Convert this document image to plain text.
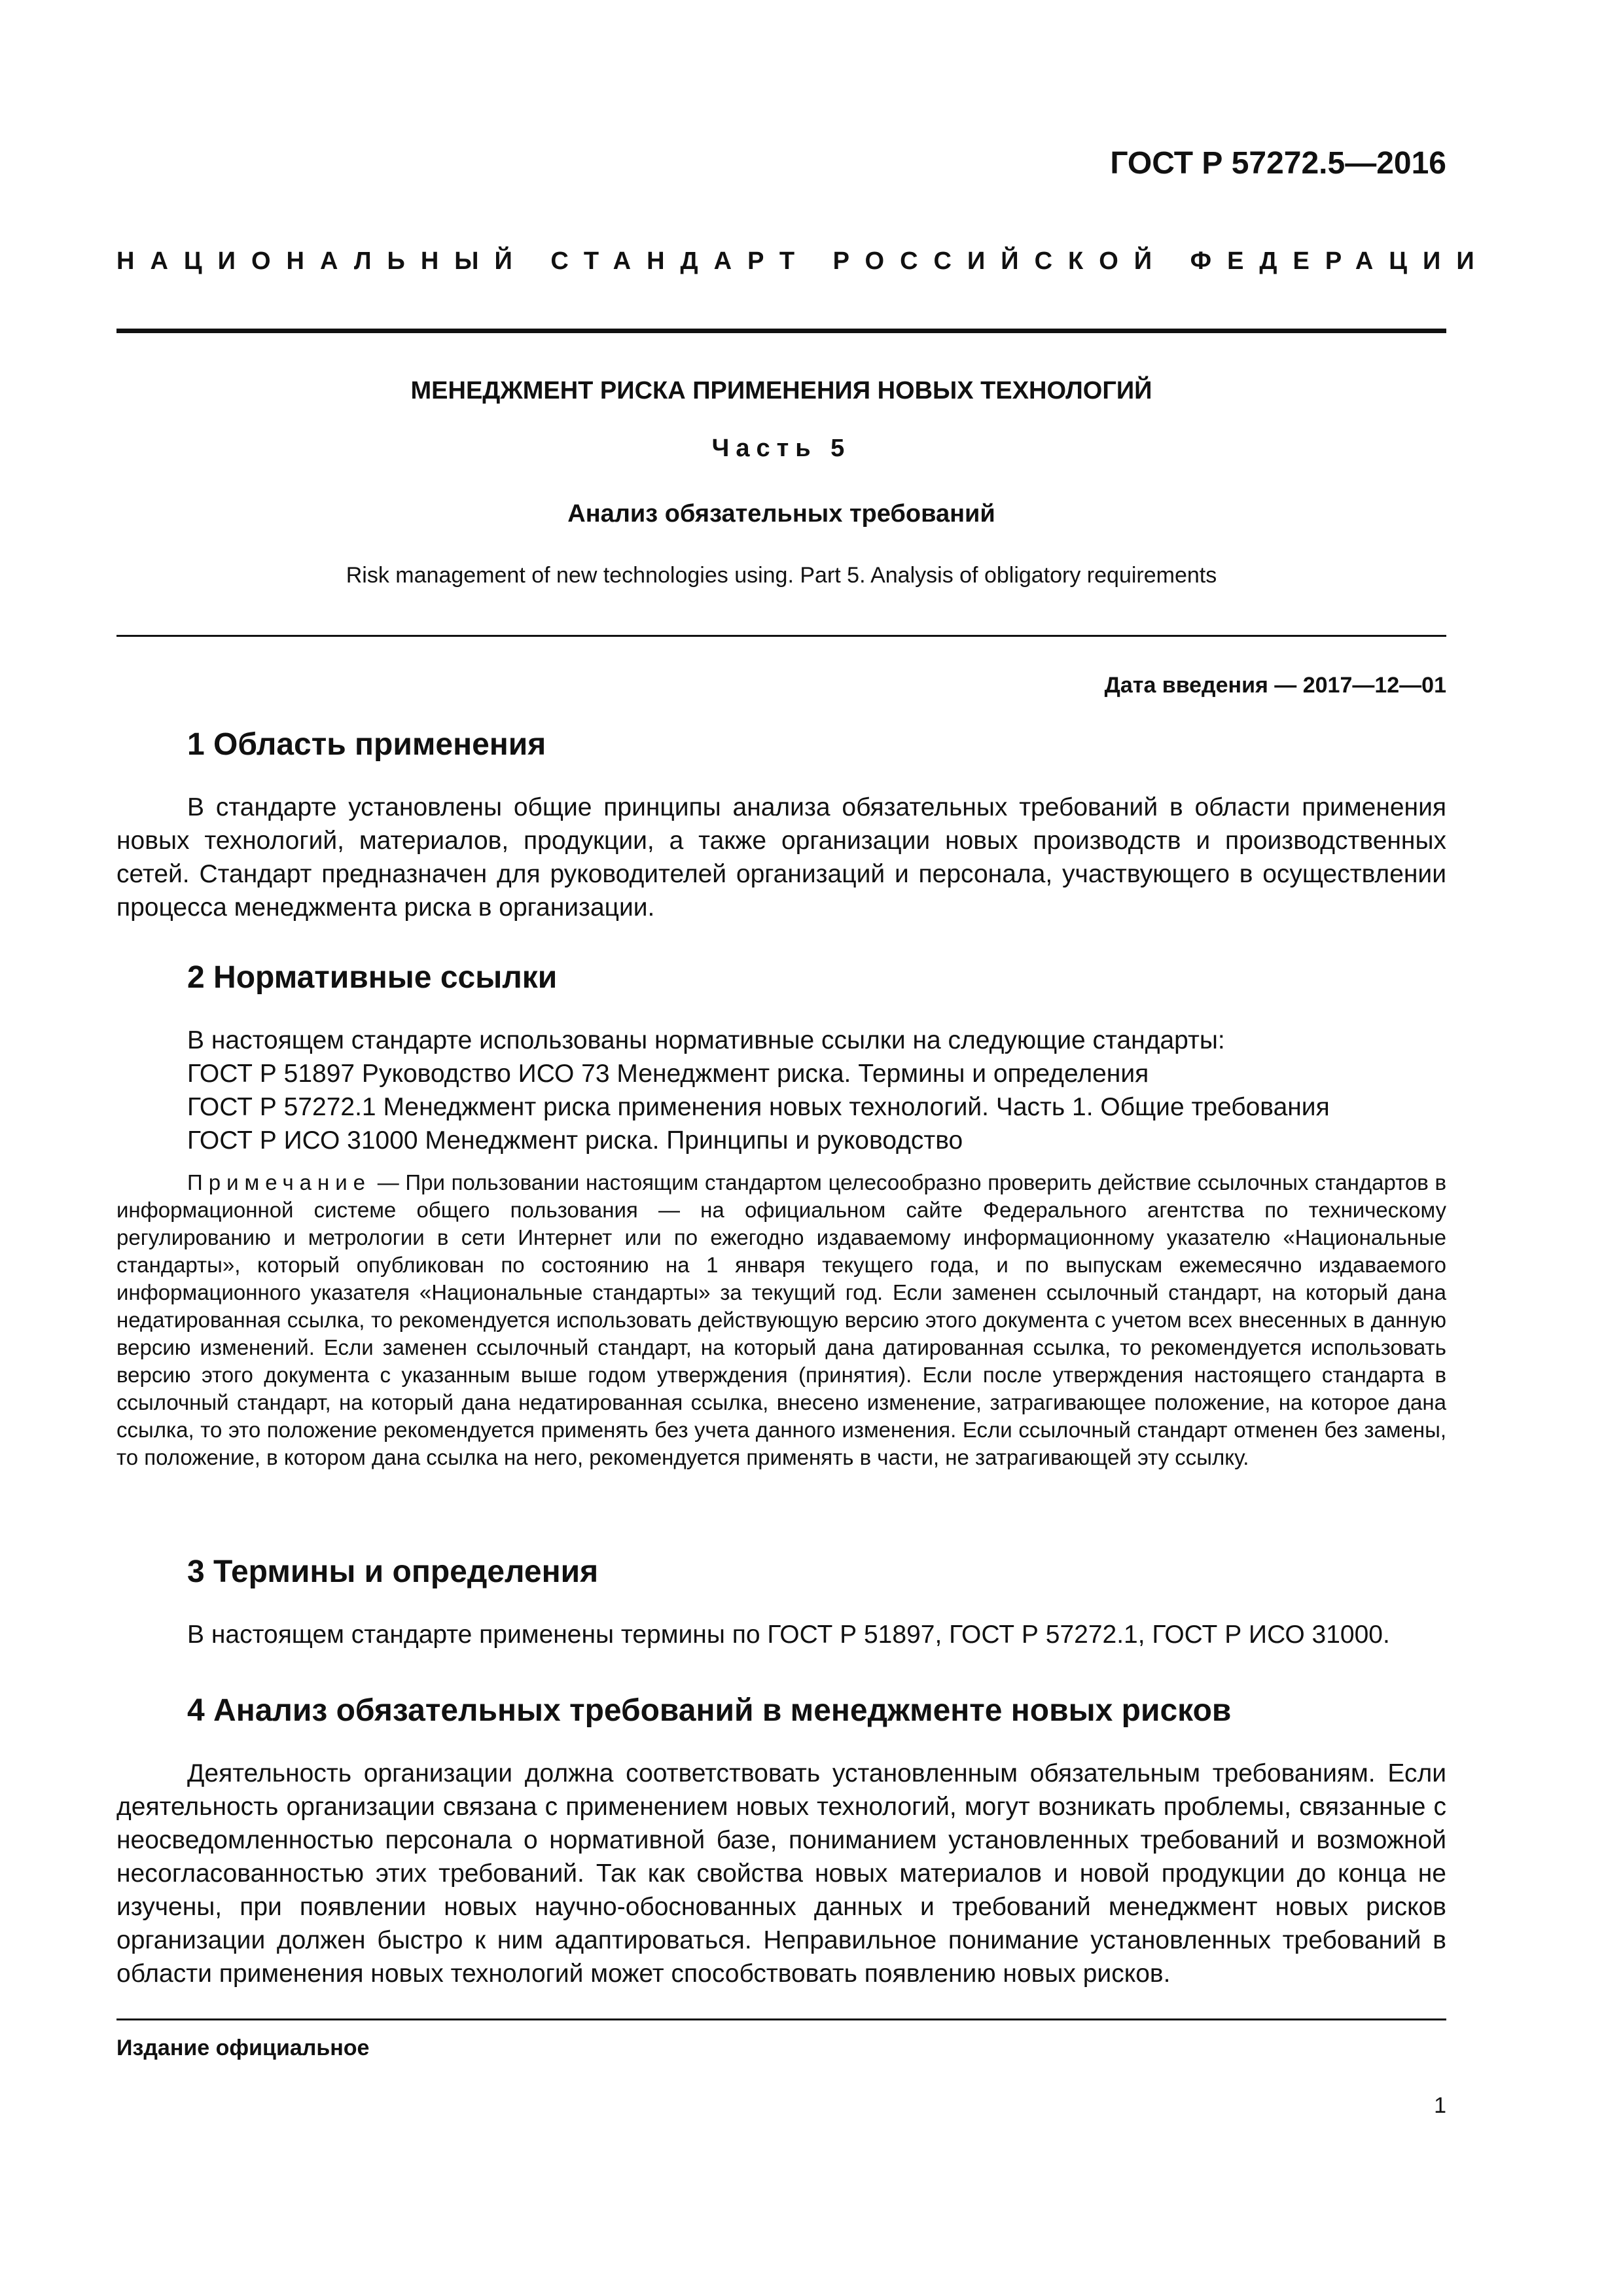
ГОСТ Р 57272.5—2016
НАЦИОНАЛЬНЫЙ СТАНДАРТ РОССИЙСКОЙ ФЕДЕРАЦИИ
МЕНЕДЖМЕНТ РИСКА ПРИМЕНЕНИЯ НОВЫХ ТЕХНОЛОГИЙ
Часть 5
Анализ обязательных требований
Risk management of new technologies using. Part 5. Analysis of obligatory requirements
Дата введения — 2017—12—01
1 Область применения

В стандарте установлены общие принципы анализа обязательных требований в области применения новых технологий, материалов, продукции, а также организации новых производств и производственных сетей. Стандарт предназначен для руководителей организаций и персонала, участвующего в осуществлении процесса менеджмента риска в организации.

2 Нормативные ссылки

В настоящем стандарте использованы нормативные ссылки на следующие стандарты:

ГОСТ Р 51897 Руководство ИСО 73 Менеджмент риска. Термины и определения

ГОСТ Р 57272.1 Менеджмент риска применения новых технологий. Часть 1. Общие требования

ГОСТ Р ИСО 31000 Менеджмент риска. Принципы и руководство

Примечание — При пользовании настоящим стандартом целесообразно проверить действие ссылочных стандартов в информационной системе общего пользования — на официальном сайте Федерального агентства по техническому регулированию и метрологии в сети Интернет или по ежегодно издаваемому информационному указателю «Национальные стандарты», который опубликован по состоянию на 1 января текущего года, и по выпускам ежемесячно издаваемого информационного указателя «Национальные стандарты» за текущий год. Если заменен ссылочный стандарт, на который дана недатированная ссылка, то рекомендуется использовать действующую версию этого документа с учетом всех внесенных в данную версию изменений. Если заменен ссылочный стандарт, на который дана датированная ссылка, то рекомендуется использовать версию этого документа с указанным выше годом утверждения (принятия). Если после утверждения настоящего стандарта в ссылочный стандарт, на который дана недатированная ссылка, внесено изменение, затрагивающее положение, на которое дана ссылка, то это положение рекомендуется применять без учета данного изменения. Если ссылочный стандарт отменен без замены, то положение, в котором дана ссылка на него, рекомендуется применять в части, не затрагивающей эту ссылку.

3 Термины и определения

В настоящем стандарте применены термины по ГОСТ Р 51897, ГОСТ Р 57272.1, ГОСТ Р ИСО 31000.

4 Анализ обязательных требований в менеджменте новых рисков

Деятельность организации должна соответствовать установленным обязательным требованиям. Если деятельность организации связана с применением новых технологий, могут возникать проблемы, связанные с неосведомленностью персонала о нормативной базе, пониманием установленных требований и возможной несогласованностью этих требований. Так как свойства новых материалов и новой продукции до конца не изучены, при появлении новых научно-обоснованных данных и требований менеджмент новых рисков организации должен быстро к ним адаптироваться. Неправильное понимание установленных требований в области применения новых технологий может способствовать появлению новых рисков.

Издание официальное
1
